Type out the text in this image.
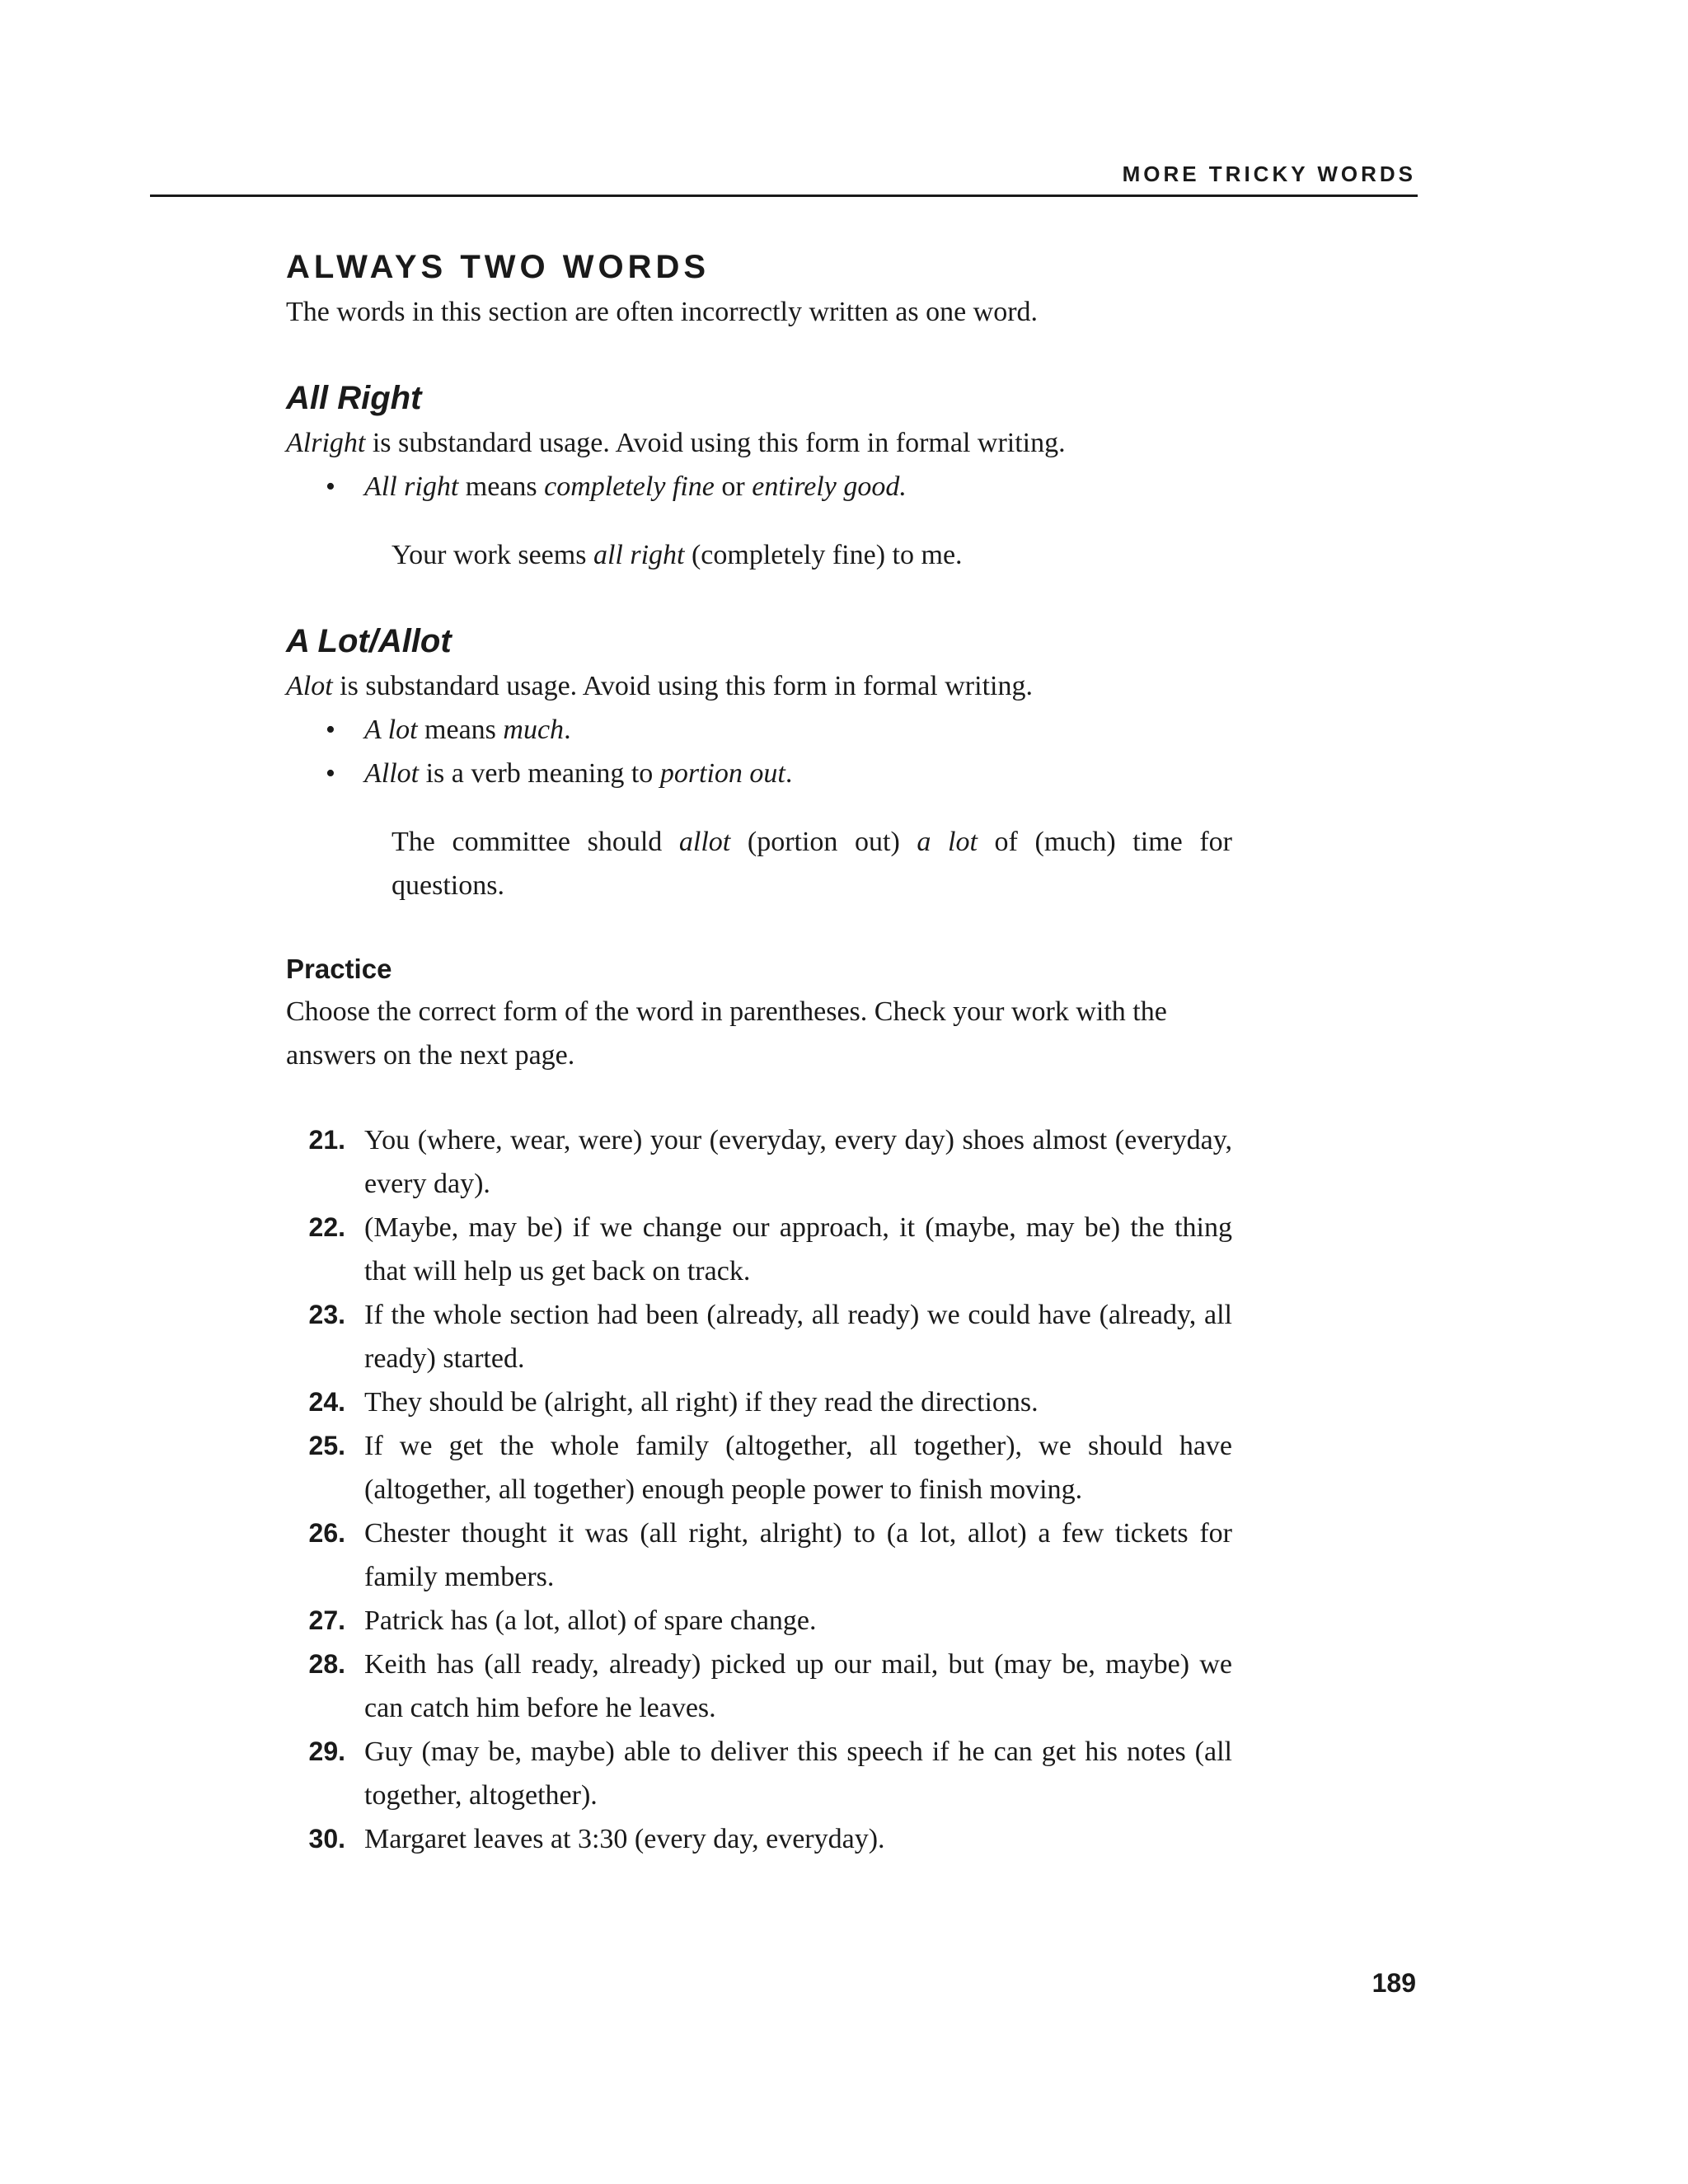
MORE TRICKY WORDS
ALWAYS TWO WORDS

The words in this section are often incorrectly written as one word.

All Right

Alright is substandard usage. Avoid using this form in formal writing.

• All right means completely fine or entirely good.

Your work seems all right (completely fine) to me.

A Lot/Allot

Alot is substandard usage. Avoid using this form in formal writing.

• A lot means much.
• Allot is a verb meaning to portion out.

The committee should allot (portion out) a lot of (much) time for questions.

Practice

Choose the correct form of the word in parentheses. Check your work with the answers on the next page.

21. You (where, wear, were) your (everyday, every day) shoes almost (everyday, every day).
22. (Maybe, may be) if we change our approach, it (maybe, may be) the thing that will help us get back on track.
23. If the whole section had been (already, all ready) we could have (already, all ready) started.
24. They should be (alright, all right) if they read the directions.
25. If we get the whole family (altogether, all together), we should have (altogether, all together) enough people power to finish moving.
26. Chester thought it was (all right, alright) to (a lot, allot) a few tickets for family members.
27. Patrick has (a lot, allot) of spare change.
28. Keith has (all ready, already) picked up our mail, but (may be, maybe) we can catch him before he leaves.
29. Guy (may be, maybe) able to deliver this speech if he can get his notes (all together, altogether).
30. Margaret leaves at 3:30 (every day, everyday).
189
